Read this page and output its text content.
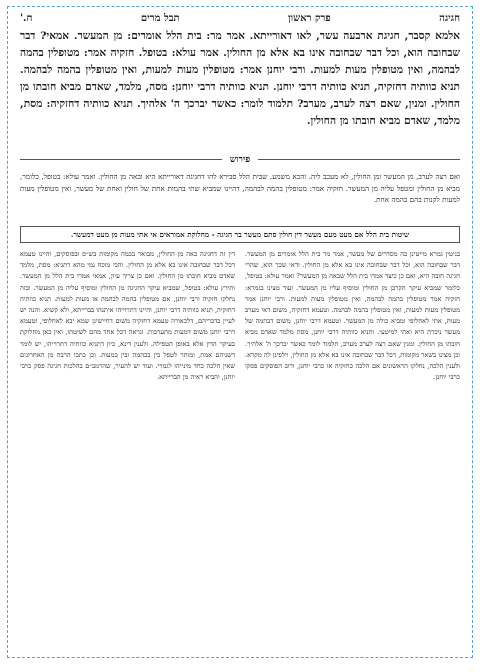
חגיגה
פרק ראשון
תבל מרים
ח.'

אלמא קסבר, חגיגת ארבעה עשר, לאו דאורייתא. אמר מר: בית הלל אומרים: מן המעשר. אמאי? דבר שבחובה הוא, וכל דבר שבחובה אינו בא אלא מן החולין. אמר עולא: בטופל. חזקיה אמר: מטופלין בהמה לבהמה, ואין מטופלין מעות למעות. ורבי יוחנן אמר: מטופלין מעות למעות, ואין מטופלין בהמה לבהמה. תניא כוותיה דחזקיה, תניא כוותיה דרבי יוחנן. תניא כוותיה דרבי יוחנן: מסה, מלמד, שאדם מביא חובתו מן החולין. ומנין, שאם רצה לערב, מערב? תלמוד לומר: כאשר יברכך ה' אלהיך. תניא כוותיה דחזקיה: מסת, מלמד, שאדם מביא חובתו מן החולין.

פירוש

ואם רצה לערב, מן המעשר ומן החולין, לא מעכב ליה. והכא משמע, שבית הלל סבירא להו דחגיגה דאורייתא היא ובאה מן החולין. ואמר עולא: בטופל, כלומר, מביא מן החולין ומטפל עליה מן המעשר. חזקיה אמר: מטופלין בהמה לבהמה, דהיינו שמביא שתי בהמות אחת של חולין ואחת של מעשר, ואין מטופלין מעות למעות לקנות בהם בהמה אחת.

שיטות בית הלל אם מעט מעם מעשר דין חולין סתם מעשר בר חגיגה - מחלוקת אמוראים אי אתי מעות מן מעט דמעשר.
בגיטין גמרא מייטינן בה מסדרים של מעשר, אמר מר בית הלל אומרים מן המעשר. דבר שבחובה הוא, וכל דבר שבחובה אינו בא אלא מן החולין. ודאי שכך הוא, שהרי חגיגה חובה היא, ואם כן כיצד אמרו בית הלל שבאה מן המעשר? ואמר עולא: בטופל, כלומר שמביא עיקר הקרבן מן החולין ומוסיף עליו מן המעשר. ועוד מצינו בגמרא: חזקיה אמר מטופלין בהמה לבהמה, ואין מטופלין מעות למעות. ורבי יוחנן אמר מטופלין מעות למעות, ואין מטופלין בהמה לבהמה. וטעמא דחזקיה, משום דאי מערב מעות, אתי לאחלופי ומביא כולה מן המעשר. וטעמא דרבי יוחנן, משום דבהמה של מעשר ניכרת היא ואתי למיטעי. ותניא כוותיה דרבי יוחנן, מסת מלמד שאדם מביא חובתו מן החולין. ומנין שאם רצה לערב מערב, תלמוד לומר כאשר יברכך ה' אלהיך. וכן מצינו בשאר מקומות, דכל דבר שבחובה אינו בא אלא מן החולין, וילפינן לה מקרא. ולענין הלכה, נחלקו הראשונים אם הלכה כחזקיה או כרבי יוחנן, ורוב הפוסקים פסקו כרבי יוחנן.
דין זה דחגיגה באה מן החולין, מבואר בכמה מקומות בש״ס ובפוסקים, והיינו טעמא דכל דבר שבחובה אינו בא אלא מן החולין. והכי מוכח נמי מהא דתניא: מסת, מלמד שאדם מביא חובתו מן החולין. ואם כן צריך עיון, אמאי אמרו בית הלל מן המעשר. ותירץ עולא: בטופל, שמביא עיקר החגיגה מן החולין ומוסיף עליה מן המעשר. ובזה נחלקו חזקיה ורבי יוחנן, אם מטופלין בהמה לבהמה או מעות למעות. תניא כוותיה דחזקיה, תניא כוותיה דרבי יוחנן, והיינו דתרוייהו איתנהו בברייתא, ולא קשיא. והנה יש לעיין בדבריהם, דלכאורה טעמא דחזקיה משום דחיישינן שמא יבא לאחלופי, וטעמא דרבי יוחנן משום דמעות מתערבות. ונראה דכל אחד מהם לשיטתו, ואין כאן מחלוקת בעיקר הדין אלא באופן הטפילה. ולענין דינא, כיון דתניא כוותיה דתרוייהו, יש לומר דשניהם אמת, ומותר לטפל בין בבהמה ובין במעות. וכן כתבו הרבה מן האחרונים שאין הלכה כחד מינייהו לגמרי. ועוד יש להעיר, שהרמב״ם בהלכות חגיגה פסק כרבי יוחנן, והביא ראיה מן הברייתא.
